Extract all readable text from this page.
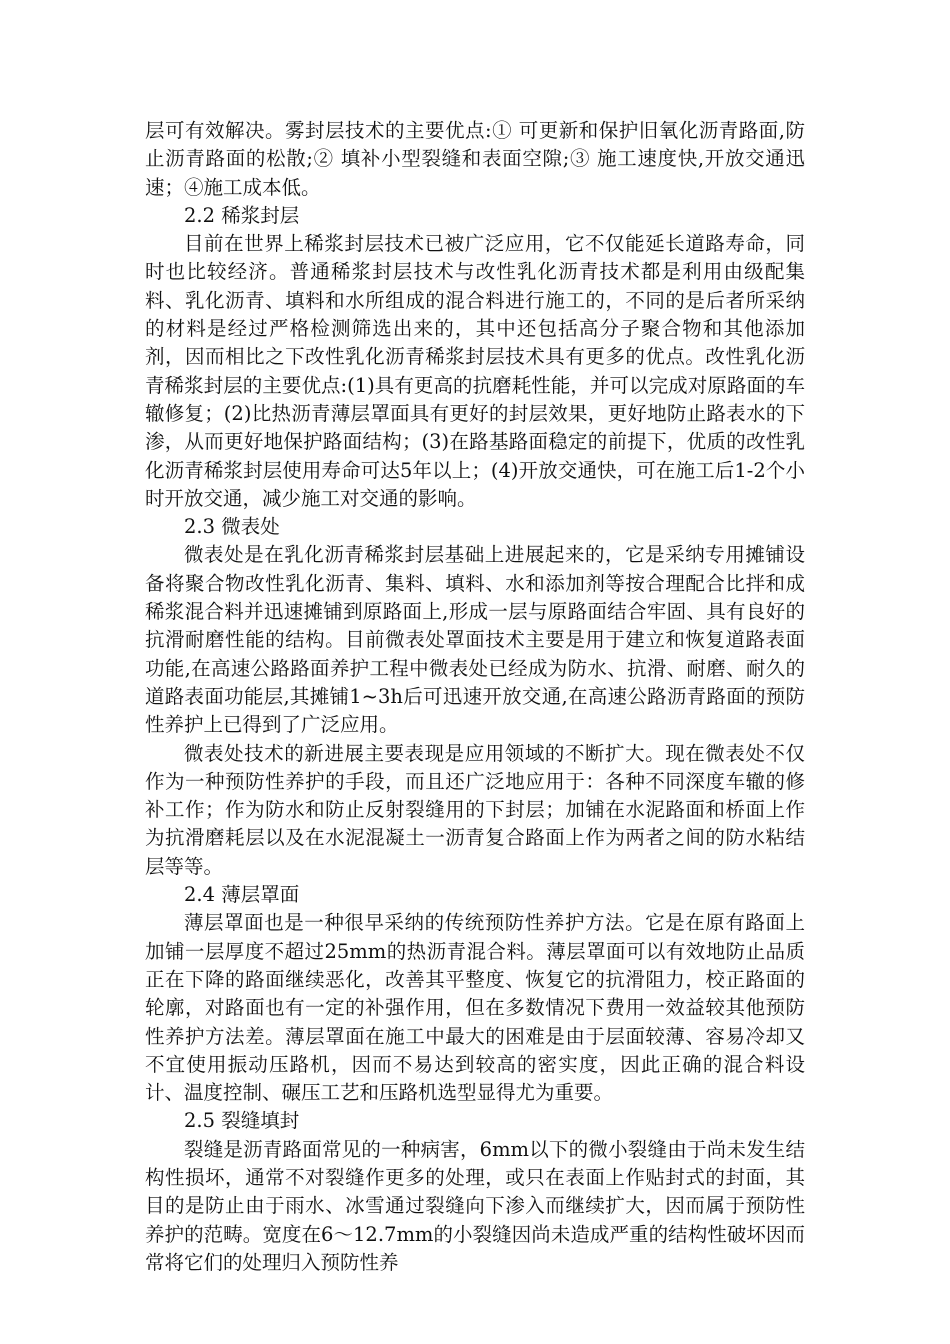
层可有效解决。雾封层技术的主要优点:① 可更新和保护旧氧化沥青路面,防止沥青路面的松散;② 填补小型裂缝和表面空隙;③ 施工速度快,开放交通迅速；④施工成本低。

2.2 稀浆封层

目前在世界上稀浆封层技术已被广泛应用，它不仅能延长道路寿命，同时也比较经济。普通稀浆封层技术与改性乳化沥青技术都是利用由级配集料、乳化沥青、填料和水所组成的混合料进行施工的，不同的是后者所采纳的材料是经过严格检测筛选出来的，其中还包括高分子聚合物和其他添加剂，因而相比之下改性乳化沥青稀浆封层技术具有更多的优点。改性乳化沥青稀浆封层的主要优点:(1)具有更高的抗磨耗性能，并可以完成对原路面的车辙修复；(2)比热沥青薄层罩面具有更好的封层效果，更好地防止路表水的下渗，从而更好地保护路面结构；(3)在路基路面稳定的前提下，优质的改性乳化沥青稀浆封层使用寿命可达5年以上；(4)开放交通快，可在施工后1-2个小时开放交通，减少施工对交通的影响。

2.3 微表处

微表处是在乳化沥青稀浆封层基础上进展起来的，它是采纳专用摊铺设备将聚合物改性乳化沥青、集料、填料、水和添加剂等按合理配合比拌和成稀浆混合料并迅速摊铺到原路面上,形成一层与原路面结合牢固、具有良好的抗滑耐磨性能的结构。目前微表处罩面技术主要是用于建立和恢复道路表面功能,在高速公路路面养护工程中微表处已经成为防水、抗滑、耐磨、耐久的道路表面功能层,其摊铺1~3h后可迅速开放交通,在高速公路沥青路面的预防性养护上已得到了广泛应用。

微表处技术的新进展主要表现是应用领域的不断扩大。现在微表处不仅作为一种预防性养护的手段，而且还广泛地应用于：各种不同深度车辙的修补工作；作为防水和防止反射裂缝用的下封层；加铺在水泥路面和桥面上作为抗滑磨耗层以及在水泥混凝土一沥青复合路面上作为两者之间的防水粘结层等等。

2.4 薄层罩面

薄层罩面也是一种很早采纳的传统预防性养护方法。它是在原有路面上加铺一层厚度不超过25mm的热沥青混合料。薄层罩面可以有效地防止品质正在下降的路面继续恶化，改善其平整度、恢复它的抗滑阻力，校正路面的轮廓，对路面也有一定的补强作用，但在多数情况下费用一效益较其他预防性养护方法差。薄层罩面在施工中最大的困难是由于层面较薄、容易冷却又不宜使用振动压路机，因而不易达到较高的密实度，因此正确的混合料设计、温度控制、碾压工艺和压路机选型显得尤为重要。

2.5 裂缝填封

裂缝是沥青路面常见的一种病害，6mm以下的微小裂缝由于尚未发生结构性损坏，通常不对裂缝作更多的处理，或只在表面上作贴封式的封面，其目的是防止由于雨水、冰雪通过裂缝向下渗入而继续扩大，因而属于预防性养护的范畴。宽度在6～12.7mm的小裂缝因尚未造成严重的结构性破坏因而常将它们的处理归入预防性养
